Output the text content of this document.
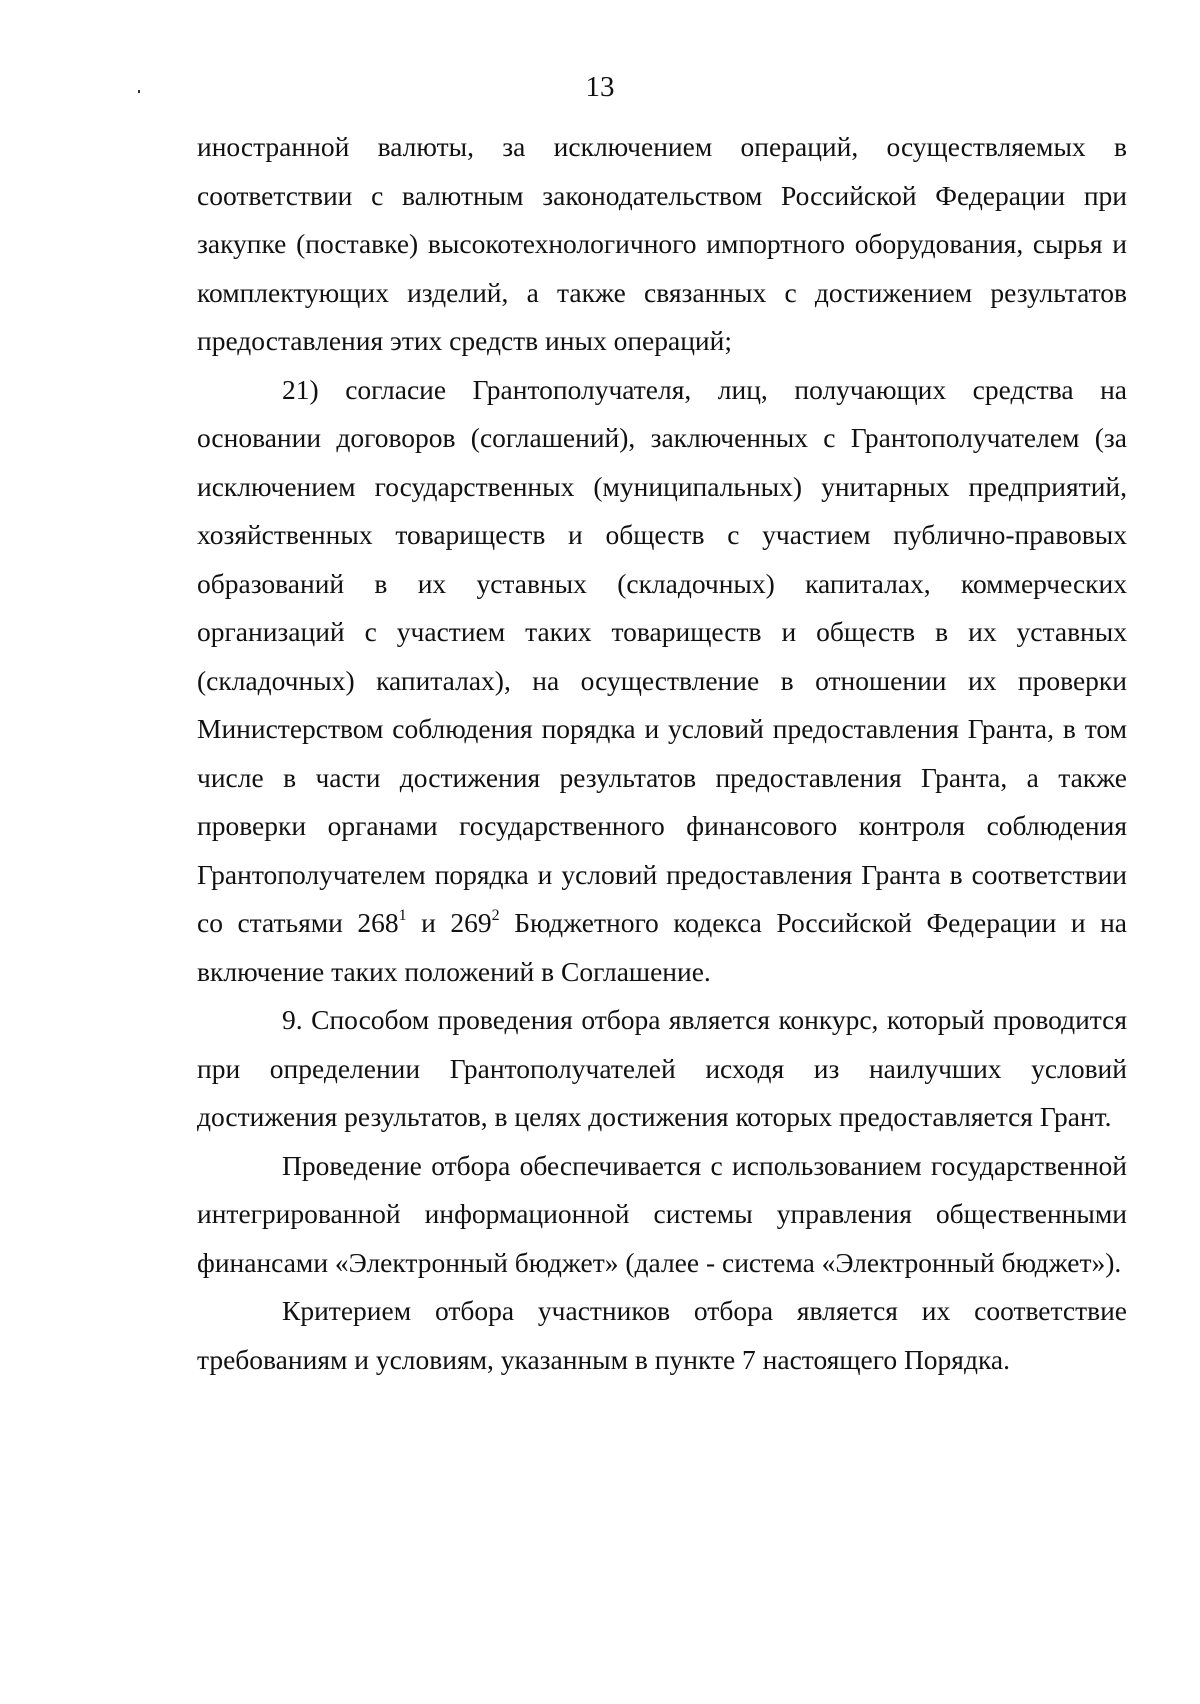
13

иностранной валюты, за исключением операций, осуществляемых в соответствии с валютным законодательством Российской Федерации при закупке (поставке) высокотехнологичного импортного оборудования, сырья и комплектующих изделий, а также связанных с достижением результатов предоставления этих средств иных операций;

21) согласие Грантополучателя, лиц, получающих средства на основании договоров (соглашений), заключенных с Грантополучателем (за исключением государственных (муниципальных) унитарных предприятий, хозяйственных товариществ и обществ с участием публично-правовых образований в их уставных (складочных) капиталах, коммерческих организаций с участием таких товариществ и обществ в их уставных (складочных) капиталах), на осуществление в отношении их проверки Министерством соблюдения порядка и условий предоставления Гранта, в том числе в части достижения результатов предоставления Гранта, а также проверки органами государственного финансового контроля соблюдения Грантополучателем порядка и условий предоставления Гранта в соответствии со статьями $268^1$ и $269^2$ Бюджетного кодекса Российской Федерации и на включение таких положений в Соглашение.

9. Способом проведения отбора является конкурс, который проводится при определении Грантополучателей исходя из наилучших условий достижения результатов, в целях достижения которых предоставляется Грант.

Проведение отбора обеспечивается с использованием государственной интегрированной информационной системы управления общественными финансами «Электронный бюджет» (далее - система «Электронный бюджет»).

Критерием отбора участников отбора является их соответствие требованиям и условиям, указанным в пункте 7 настоящего Порядка.
